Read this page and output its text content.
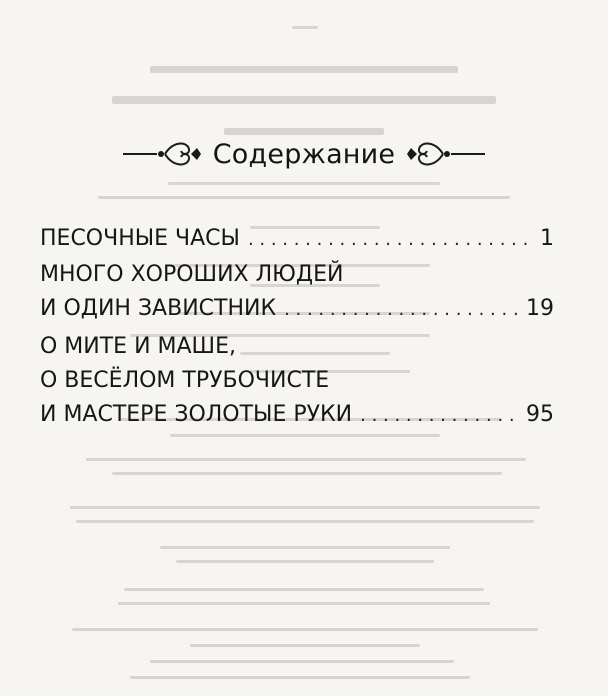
Содержание
ПЕСОЧНЫЕ ЧАСЫ . . .	1
МНОГО ХОРОШИХ ЛЮДЕЙ
И ОДИН ЗАВИСТНИК . . .	19
О МИТЕ И МАШЕ,
О ВЕСЁЛОМ ТРУБОЧИСТЕ
И МАСТЕРЕ ЗОЛОТЫЕ РУКИ . . .	95
